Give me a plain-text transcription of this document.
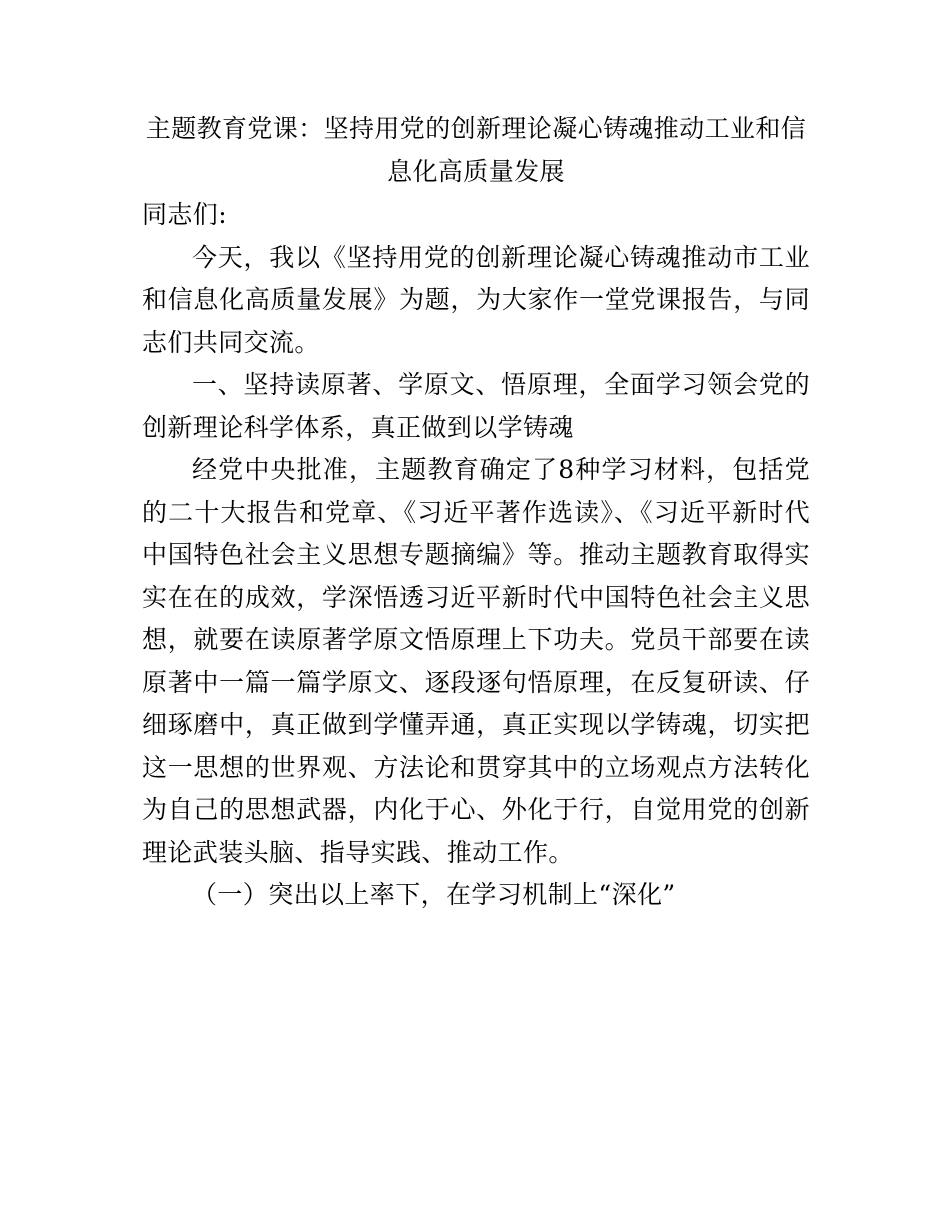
主题教育党课：坚持用党的创新理论凝心铸魂推动工业和信息化高质量发展

同志们:

今天，我以《坚持用党的创新理论凝心铸魂推动市工业和信息化高质量发展》为题，为大家作一堂党课报告，与同志们共同交流。

一、坚持读原著、学原文、悟原理，全面学习领会党的创新理论科学体系，真正做到以学铸魂

经党中央批准，主题教育确定了8种学习材料，包括党的二十大报告和党章、《习近平著作选读》、《习近平新时代中国特色社会主义思想专题摘编》等。推动主题教育取得实实在在的成效，学深悟透习近平新时代中国特色社会主义思想，就要在读原著学原文悟原理上下功夫。党员干部要在读原著中一篇一篇学原文、逐段逐句悟原理，在反复研读、仔细琢磨中，真正做到学懂弄通，真正实现以学铸魂，切实把这一思想的世界观、方法论和贯穿其中的立场观点方法转化为自己的思想武器，内化于心、外化于行，自觉用党的创新理论武装头脑、指导实践、推动工作。

（一）突出以上率下，在学习机制上“深化”
